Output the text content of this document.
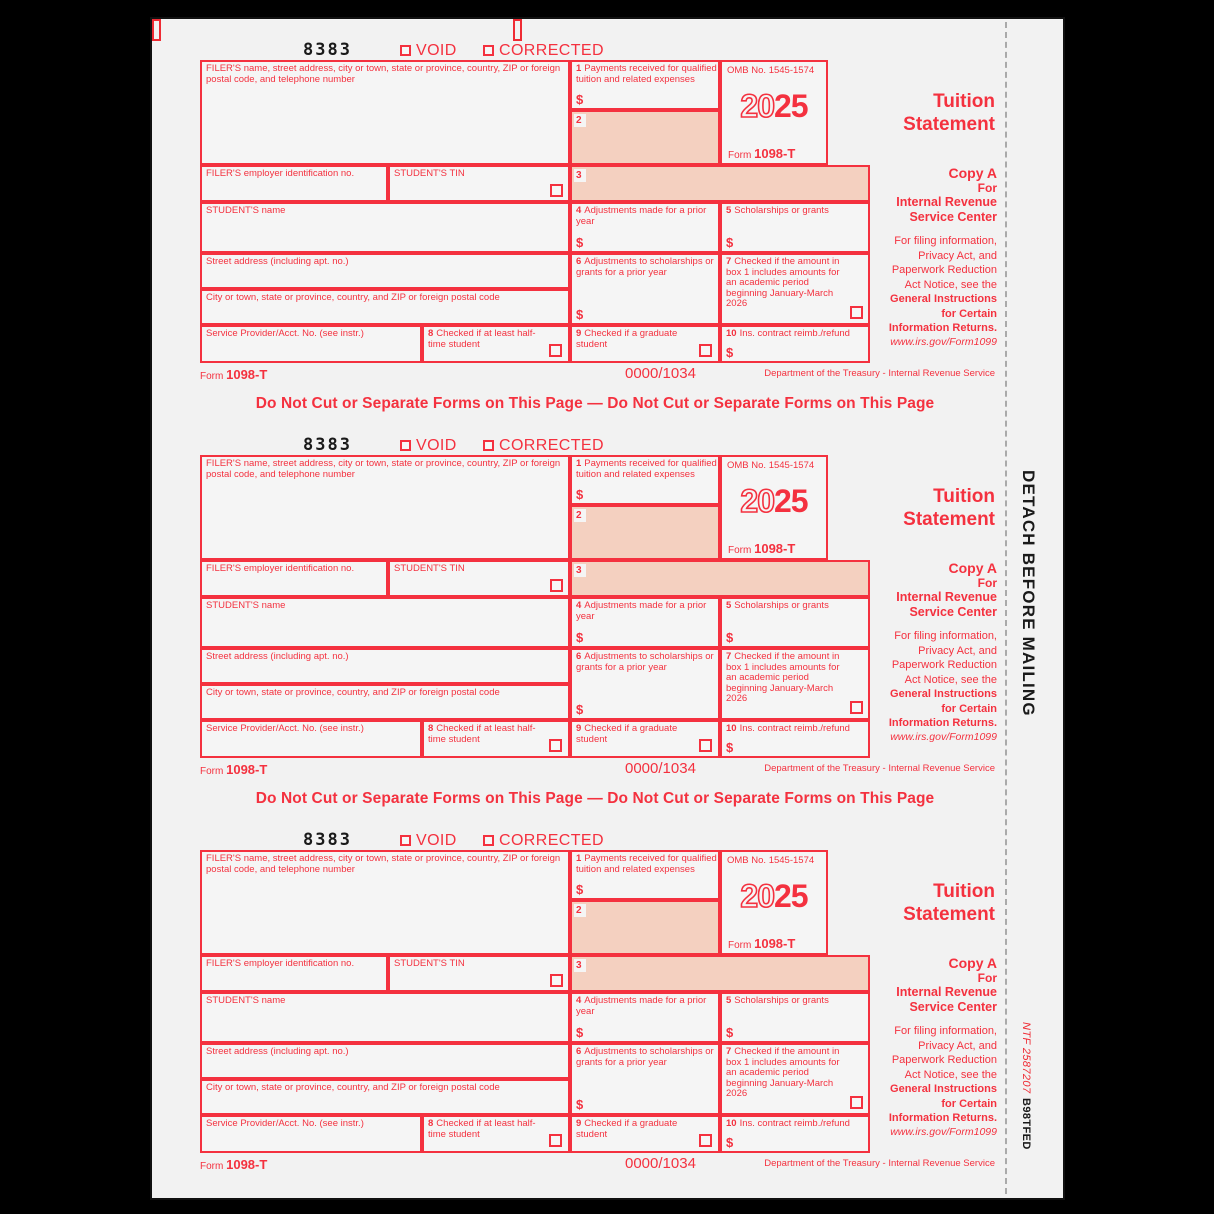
DETACH BEFORE MAILING
NTF 2587207
B98TFED
8383	VOID	CORRECTED
FILER'S name, street address, city or town, state or province, country, ZIP or foreign postal code, and telephone number
1 Payments received for qualified tuition and related expenses
$
2
OMB No. 1545-1574
2025
Form 1098-T
Tuition
Statement
3	Copy A
For
Internal Revenue
Service Center
For filing information,
Privacy Act, and
Paperwork Reduction
Act Notice, see the
General Instructions
for Certain
Information Returns.
www.irs.gov/Form1099
FILER'S employer identification no.	STUDENT'S TIN
STUDENT'S name	4 Adjustments made for a prior year
$
5 Scholarships or grants
$
Street address (including apt. no.)
City or town, state or province, country, and ZIP or foreign postal code
6 Adjustments to scholarships or grants for a prior year
$
7 Checked if the amount in box 1 includes amounts for an academic period beginning January-March 2026
Service Provider/Acct. No. (see instr.)	8 Checked if at least half-time student
9 Checked if a graduate student
10 Ins. contract reimb./refund
$
Form 1098-T	0000/1034	Department of the Treasury - Internal Revenue Service
Do Not Cut or Separate Forms on This Page — Do Not Cut or Separate Forms on This Page
8383	VOID	CORRECTED
FILER'S name, street address, city or town, state or province, country, ZIP or foreign postal code, and telephone number
1 Payments received for qualified tuition and related expenses
$
2
OMB No. 1545-1574
2025
Form 1098-T
Tuition
Statement
3	Copy A
For
Internal Revenue
Service Center
For filing information,
Privacy Act, and
Paperwork Reduction
Act Notice, see the
General Instructions
for Certain
Information Returns.
www.irs.gov/Form1099
FILER'S employer identification no.	STUDENT'S TIN
STUDENT'S name	4 Adjustments made for a prior year
$
5 Scholarships or grants
$
Street address (including apt. no.)
City or town, state or province, country, and ZIP or foreign postal code
6 Adjustments to scholarships or grants for a prior year
$
7 Checked if the amount in box 1 includes amounts for an academic period beginning January-March 2026
Service Provider/Acct. No. (see instr.)	8 Checked if at least half-time student
9 Checked if a graduate student
10 Ins. contract reimb./refund
$
Form 1098-T	0000/1034	Department of the Treasury - Internal Revenue Service
Do Not Cut or Separate Forms on This Page — Do Not Cut or Separate Forms on This Page
8383	VOID	CORRECTED
FILER'S name, street address, city or town, state or province, country, ZIP or foreign postal code, and telephone number
1 Payments received for qualified tuition and related expenses
$
2
OMB No. 1545-1574
2025
Form 1098-T
Tuition
Statement
3	Copy A
For
Internal Revenue
Service Center
For filing information,
Privacy Act, and
Paperwork Reduction
Act Notice, see the
General Instructions
for Certain
Information Returns.
www.irs.gov/Form1099
FILER'S employer identification no.	STUDENT'S TIN
STUDENT'S name	4 Adjustments made for a prior year
$
5 Scholarships or grants
$
Street address (including apt. no.)
City or town, state or province, country, and ZIP or foreign postal code
6 Adjustments to scholarships or grants for a prior year
$
7 Checked if the amount in box 1 includes amounts for an academic period beginning January-March 2026
Service Provider/Acct. No. (see instr.)	8 Checked if at least half-time student
9 Checked if a graduate student
10 Ins. contract reimb./refund
$
Form 1098-T	0000/1034	Department of the Treasury - Internal Revenue Service
